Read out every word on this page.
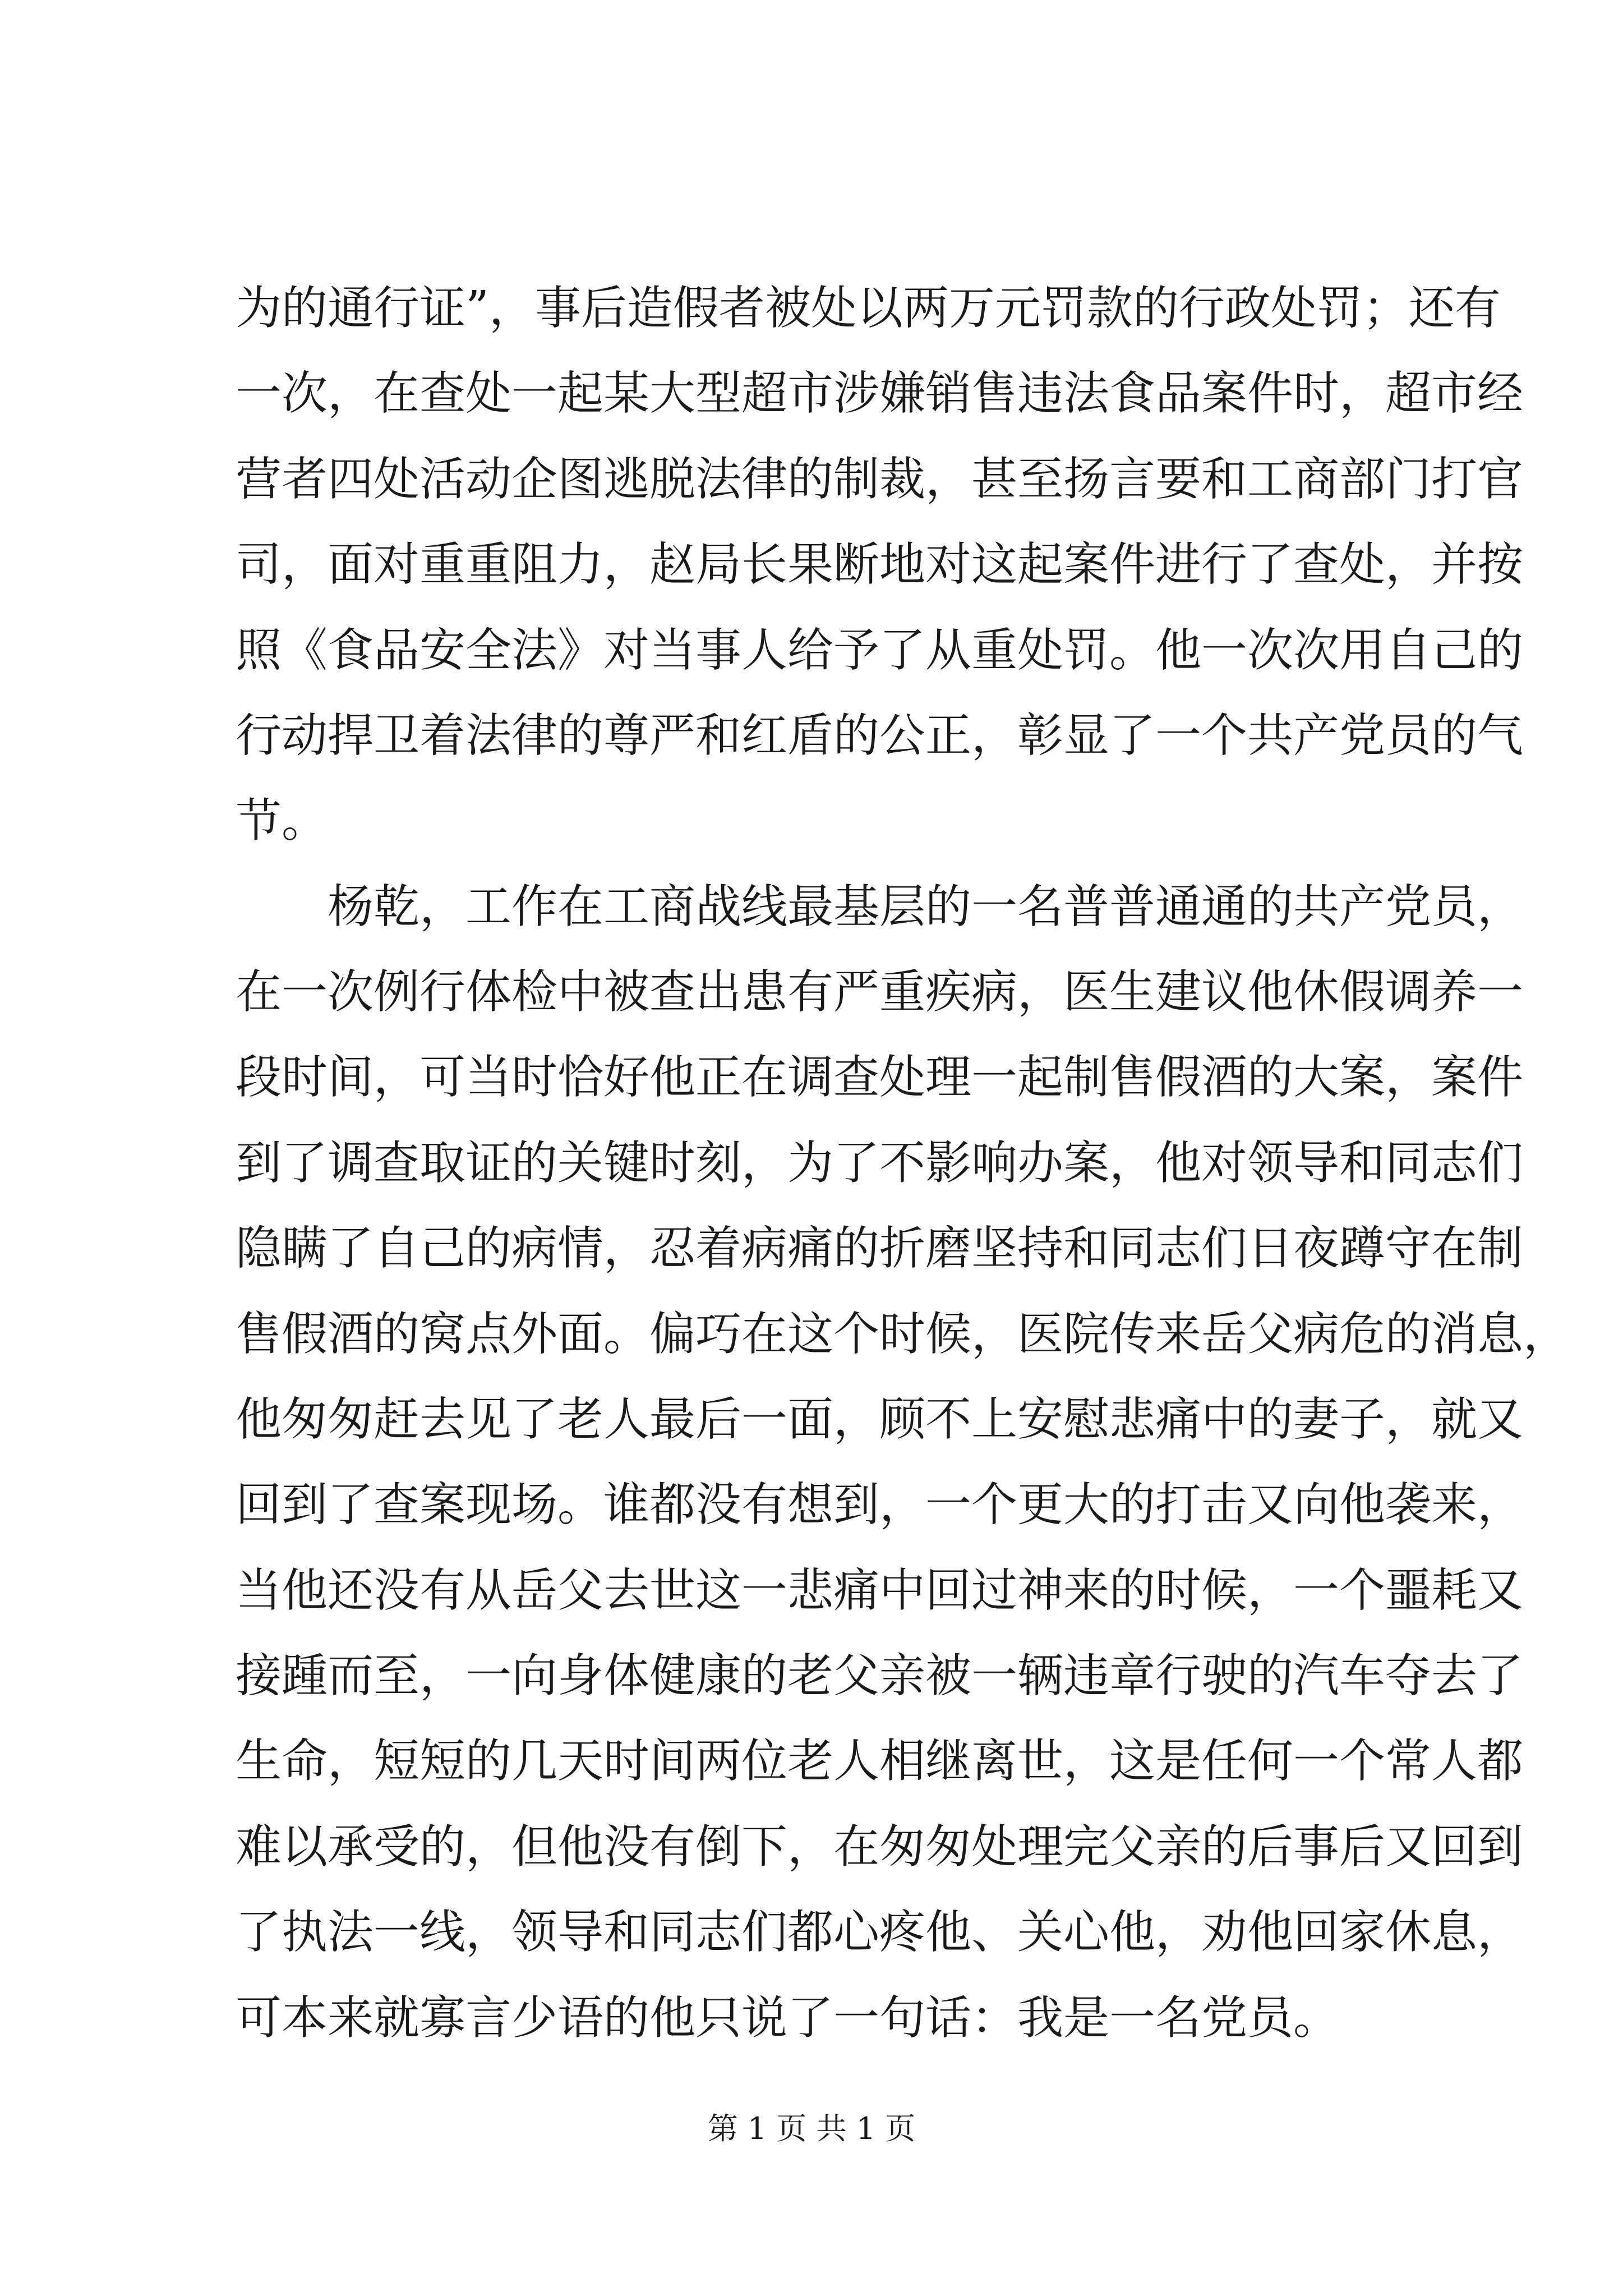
为的通行证”，事后造假者被处以两万元罚款的行政处罚；还有
一次，在查处一起某大型超市涉嫌销售违法食品案件时，超市经
营者四处活动企图逃脱法律的制裁，甚至扬言要和工商部门打官
司，面对重重阻力，赵局长果断地对这起案件进行了查处，并按
照《食品安全法》对当事人给予了从重处罚。他一次次用自己的
行动捍卫着法律的尊严和红盾的公正，彰显了一个共产党员的气
节。
　　杨乾，工作在工商战线最基层的一名普普通通的共产党员，
在一次例行体检中被查出患有严重疾病，医生建议他休假调养一
段时间，可当时恰好他正在调查处理一起制售假酒的大案，案件
到了调查取证的关键时刻，为了不影响办案，他对领导和同志们
隐瞒了自己的病情，忍着病痛的折磨坚持和同志们日夜蹲守在制
售假酒的窝点外面。偏巧在这个时候，医院传来岳父病危的消息，
他匆匆赶去见了老人最后一面，顾不上安慰悲痛中的妻子，就又
回到了查案现场。谁都没有想到，一个更大的打击又向他袭来，
当他还没有从岳父去世这一悲痛中回过神来的时候，一个噩耗又
接踵而至，一向身体健康的老父亲被一辆违章行驶的汽车夺去了
生命，短短的几天时间两位老人相继离世，这是任何一个常人都
难以承受的，但他没有倒下，在匆匆处理完父亲的后事后又回到
了执法一线，领导和同志们都心疼他、关心他，劝他回家休息，
可本来就寡言少语的他只说了一句话：我是一名党员。
第 1 页 共 1 页
